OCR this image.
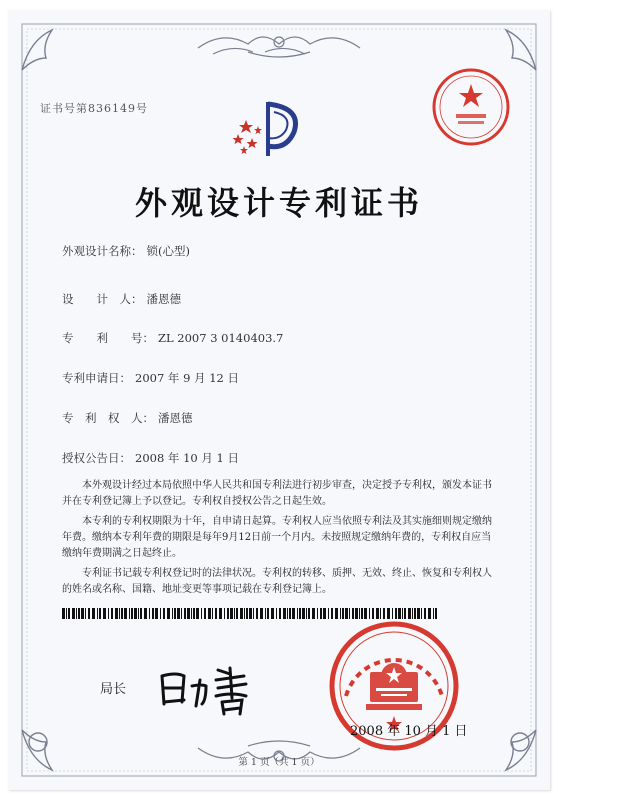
证书号第836149号
外观设计专利证书
外观设计名称： 锁(心型)
设　　计　人： 潘恩德
专　　利　　号： ZL 2007 3 0140403.7
专利申请日： 2007 年 9 月 12 日
专　利　权　人： 潘恩德
授权公告日： 2008 年 10 月 1 日

本外观设计经过本局依照中华人民共和国专利法进行初步审查，决定授予专利权，颁发本证书并在专利登记簿上予以登记。专利权自授权公告之日起生效。

本专利的专利权期限为十年，自申请日起算。专利权人应当依照专利法及其实施细则规定缴纳年费。缴纳本专利年费的期限是每年9月12日前一个月内。未按照规定缴纳年费的，专利权自应当缴纳年费期满之日起终止。

专利证书记载专利权登记时的法律状况。专利权的转移、质押、无效、终止、恢复和专利权人的姓名或名称、国籍、地址变更等事项记载在专利登记簿上。

局长
2008 年 10 月 1 日
第 1 页（共 1 页）
